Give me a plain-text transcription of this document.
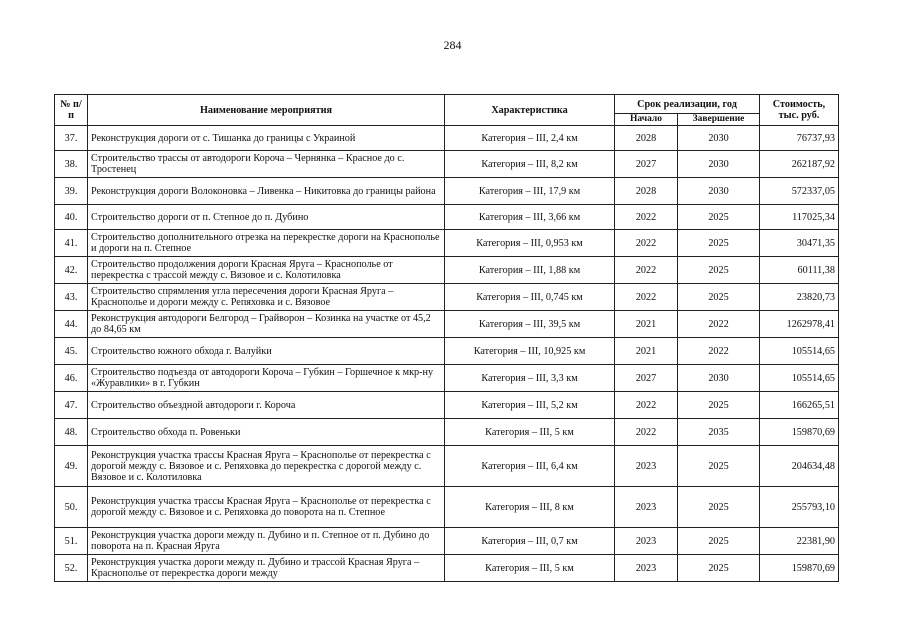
284
№ п/п	Наименование мероприятия	Характеристика	Срок реализации, год		Стоимость, тыс. руб.
			Начало	Завершение	
37.	Реконструкция дороги от с. Тишанка до границы с Украиной	Категория – III, 2,4 км	2028	2030	76737,93
38.	Строительство трассы от автодороги Короча – Чернянка – Красное до с. Тростенец	Категория – III, 8,2 км	2027	2030	262187,92
39.	Реконструкция дороги Волоконовка – Ливенка – Никитовка до границы района	Категория – III, 17,9 км	2028	2030	572337,05
40.	Строительство дороги от п. Степное до п. Дубино	Категория – III, 3,66 км	2022	2025	117025,34
41.	Строительство дополнительного отрезка на перекрестке дороги на Краснополье и дороги на п. Степное	Категория – III, 0,953 км	2022	2025	30471,35
42.	Строительство продолжения дороги Красная Яруга – Краснополье от перекрестка с трассой между с. Вязовое и с. Колотиловка	Категория – III, 1,88 км	2022	2025	60111,38
43.	Строительство спрямления угла пересечения дороги Красная Яруга – Краснополье и дороги между с. Репяховка и с. Вязовое	Категория – III, 0,745 км	2022	2025	23820,73
44.	Реконструкция автодороги Белгород – Грайворон – Козинка на участке от 45,2 до 84,65 км	Категория – III, 39,5 км	2021	2022	1262978,41
45.	Строительство южного обхода г. Валуйки	Категория – III, 10,925 км	2021	2022	105514,65
46.	Строительство подъезда от автодороги Короча – Губкин – Горшечное к мкр-ну «Журавлики» в г. Губкин	Категория – III, 3,3 км	2027	2030	105514,65
47.	Строительство объездной автодороги г. Короча	Категория – III, 5,2 км	2022	2025	166265,51
48.	Строительство обхода п. Ровеньки	Категория – III, 5 км	2022	2035	159870,69
49.	Реконструкция участка трассы Красная Яруга – Краснополье от перекрестка с дорогой между с. Вязовое и с. Репяховка до перекрестка с дорогой между с. Вязовое и с. Колотиловка	Категория – III, 6,4 км	2023	2025	204634,48
50.	Реконструкция участка трассы Красная Яруга – Краснополье от перекрестка с дорогой между с. Вязовое и с. Репяховка до поворота на п. Степное	Категория – III, 8 км	2023	2025	255793,10
51.	Реконструкция участка дороги между п. Дубино и п. Степное от п. Дубино до поворота на п. Красная Яруга	Категория – III, 0,7 км	2023	2025	22381,90
52.	Реконструкция участка дороги между п. Дубино и трассой Красная Яруга – Краснополье от перекрестка дороги между	Категория – III, 5 км	2023	2025	159870,69
